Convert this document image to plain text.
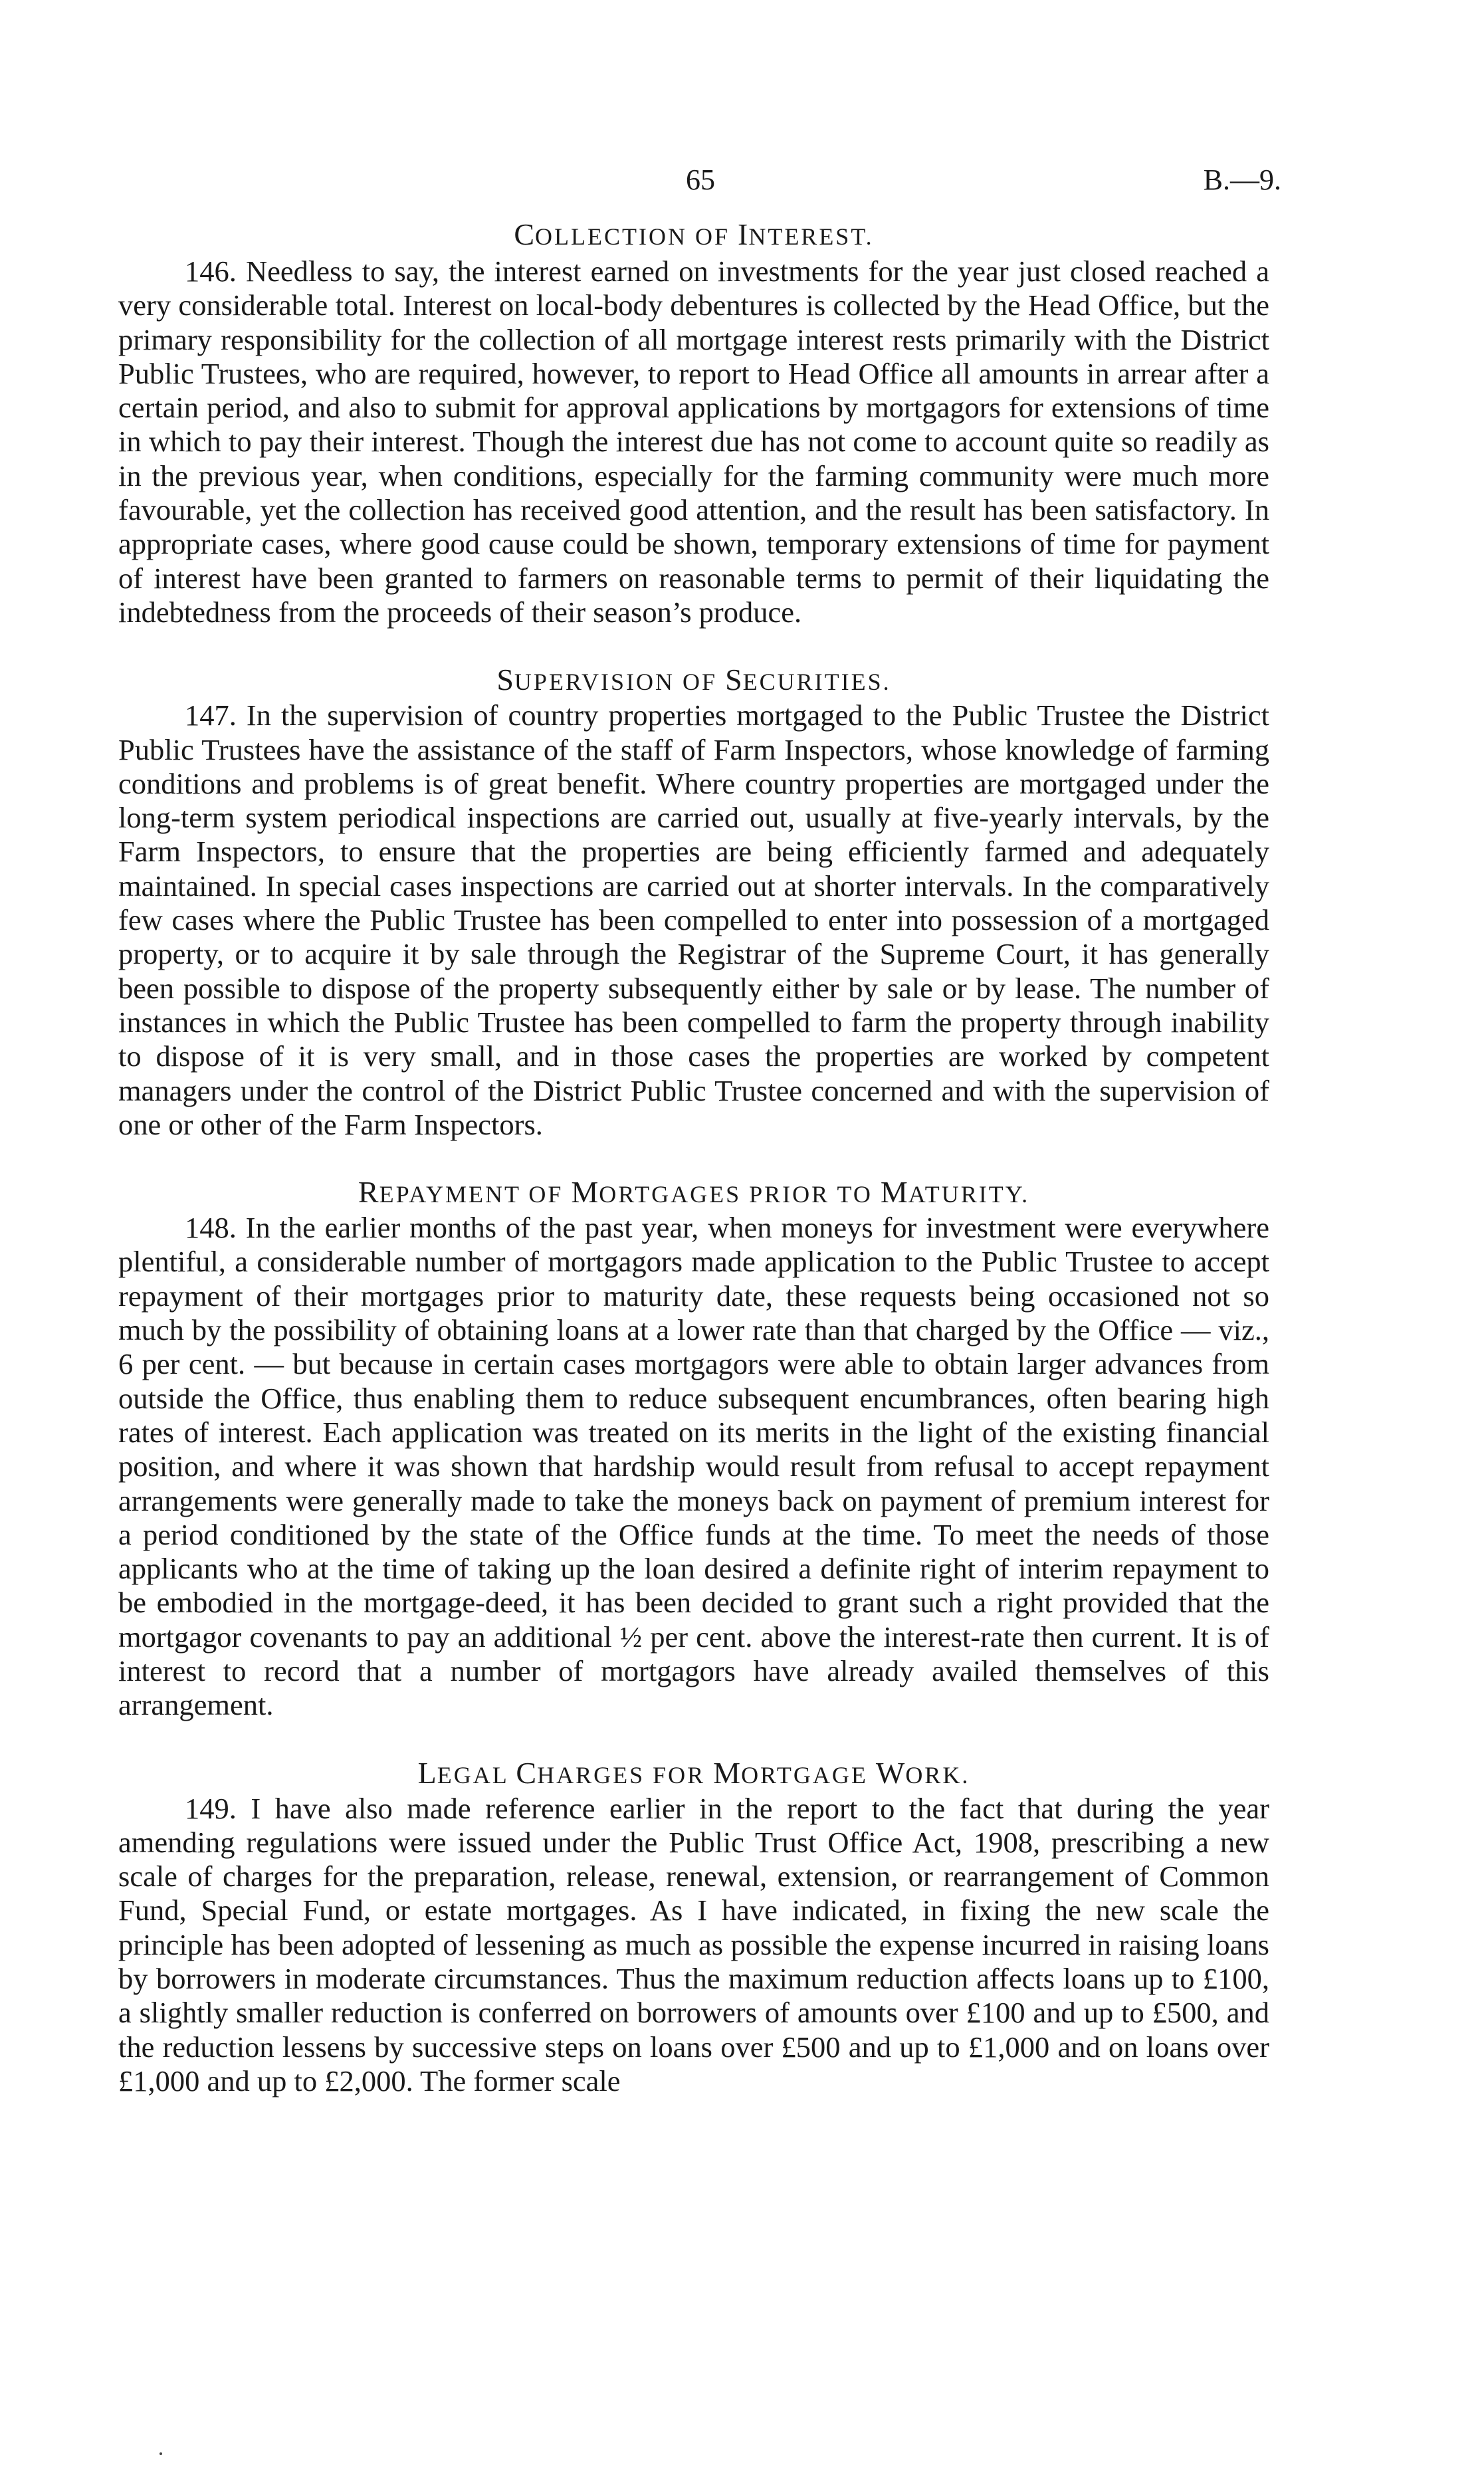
65	B.—9.
COLLECTION OF INTEREST.

146. Needless to say, the interest earned on investments for the year just closed reached a very considerable total. Interest on local-body debentures is collected by the Head Office, but the primary responsibility for the collection of all mortgage interest rests primarily with the District Public Trustees, who are required, however, to report to Head Office all amounts in arrear after a certain period, and also to submit for approval applications by mortgagors for extensions of time in which to pay their interest. Though the interest due has not come to account quite so readily as in the previous year, when conditions, especially for the farming community were much more favourable, yet the collection has received good attention, and the result has been satisfactory. In appropriate cases, where good cause could be shown, temporary extensions of time for payment of interest have been granted to farmers on reasonable terms to permit of their liquidating the indebtedness from the proceeds of their season’s produce.

SUPERVISION OF SECURITIES.

147. In the supervision of country properties mortgaged to the Public Trustee the District Public Trustees have the assistance of the staff of Farm Inspectors, whose knowledge of farming conditions and problems is of great benefit. Where country properties are mortgaged under the long-term system periodical inspections are carried out, usually at five-yearly intervals, by the Farm Inspectors, to ensure that the properties are being efficiently farmed and adequately maintained. In special cases inspections are carried out at shorter intervals. In the comparatively few cases where the Public Trustee has been compelled to enter into possession of a mortgaged property, or to acquire it by sale through the Registrar of the Supreme Court, it has generally been possible to dispose of the property subsequently either by sale or by lease. The number of instances in which the Public Trustee has been compelled to farm the property through inability to dispose of it is very small, and in those cases the properties are worked by competent managers under the control of the District Public Trustee concerned and with the supervision of one or other of the Farm Inspectors.

REPAYMENT OF MORTGAGES PRIOR TO MATURITY.

148. In the earlier months of the past year, when moneys for investment were everywhere plentiful, a considerable number of mortgagors made application to the Public Trustee to accept repayment of their mortgages prior to maturity date, these requests being occasioned not so much by the possibility of obtaining loans at a lower rate than that charged by the Office — viz., 6 per cent. — but because in certain cases mortgagors were able to obtain larger advances from outside the Office, thus enabling them to reduce subsequent encumbrances, often bearing high rates of interest. Each application was treated on its merits in the light of the existing financial position, and where it was shown that hardship would result from refusal to accept repayment arrangements were generally made to take the moneys back on payment of premium interest for a period conditioned by the state of the Office funds at the time. To meet the needs of those applicants who at the time of taking up the loan desired a definite right of interim repayment to be embodied in the mortgage-deed, it has been decided to grant such a right provided that the mortgagor covenants to pay an additional ½ per cent. above the interest-rate then current. It is of interest to record that a number of mortgagors have already availed themselves of this arrangement.

LEGAL CHARGES FOR MORTGAGE WORK.

149. I have also made reference earlier in the report to the fact that during the year amending regulations were issued under the Public Trust Office Act, 1908, prescribing a new scale of charges for the preparation, release, renewal, extension, or rearrangement of Common Fund, Special Fund, or estate mortgages. As I have indicated, in fixing the new scale the principle has been adopted of lessening as much as possible the expense incurred in raising loans by borrowers in moderate circumstances. Thus the maximum reduction affects loans up to £100, a slightly smaller reduction is conferred on borrowers of amounts over £100 and up to £500, and the reduction lessens by successive steps on loans over £500 and up to £1,000 and on loans over £1,000 and up to £2,000. The former scale
